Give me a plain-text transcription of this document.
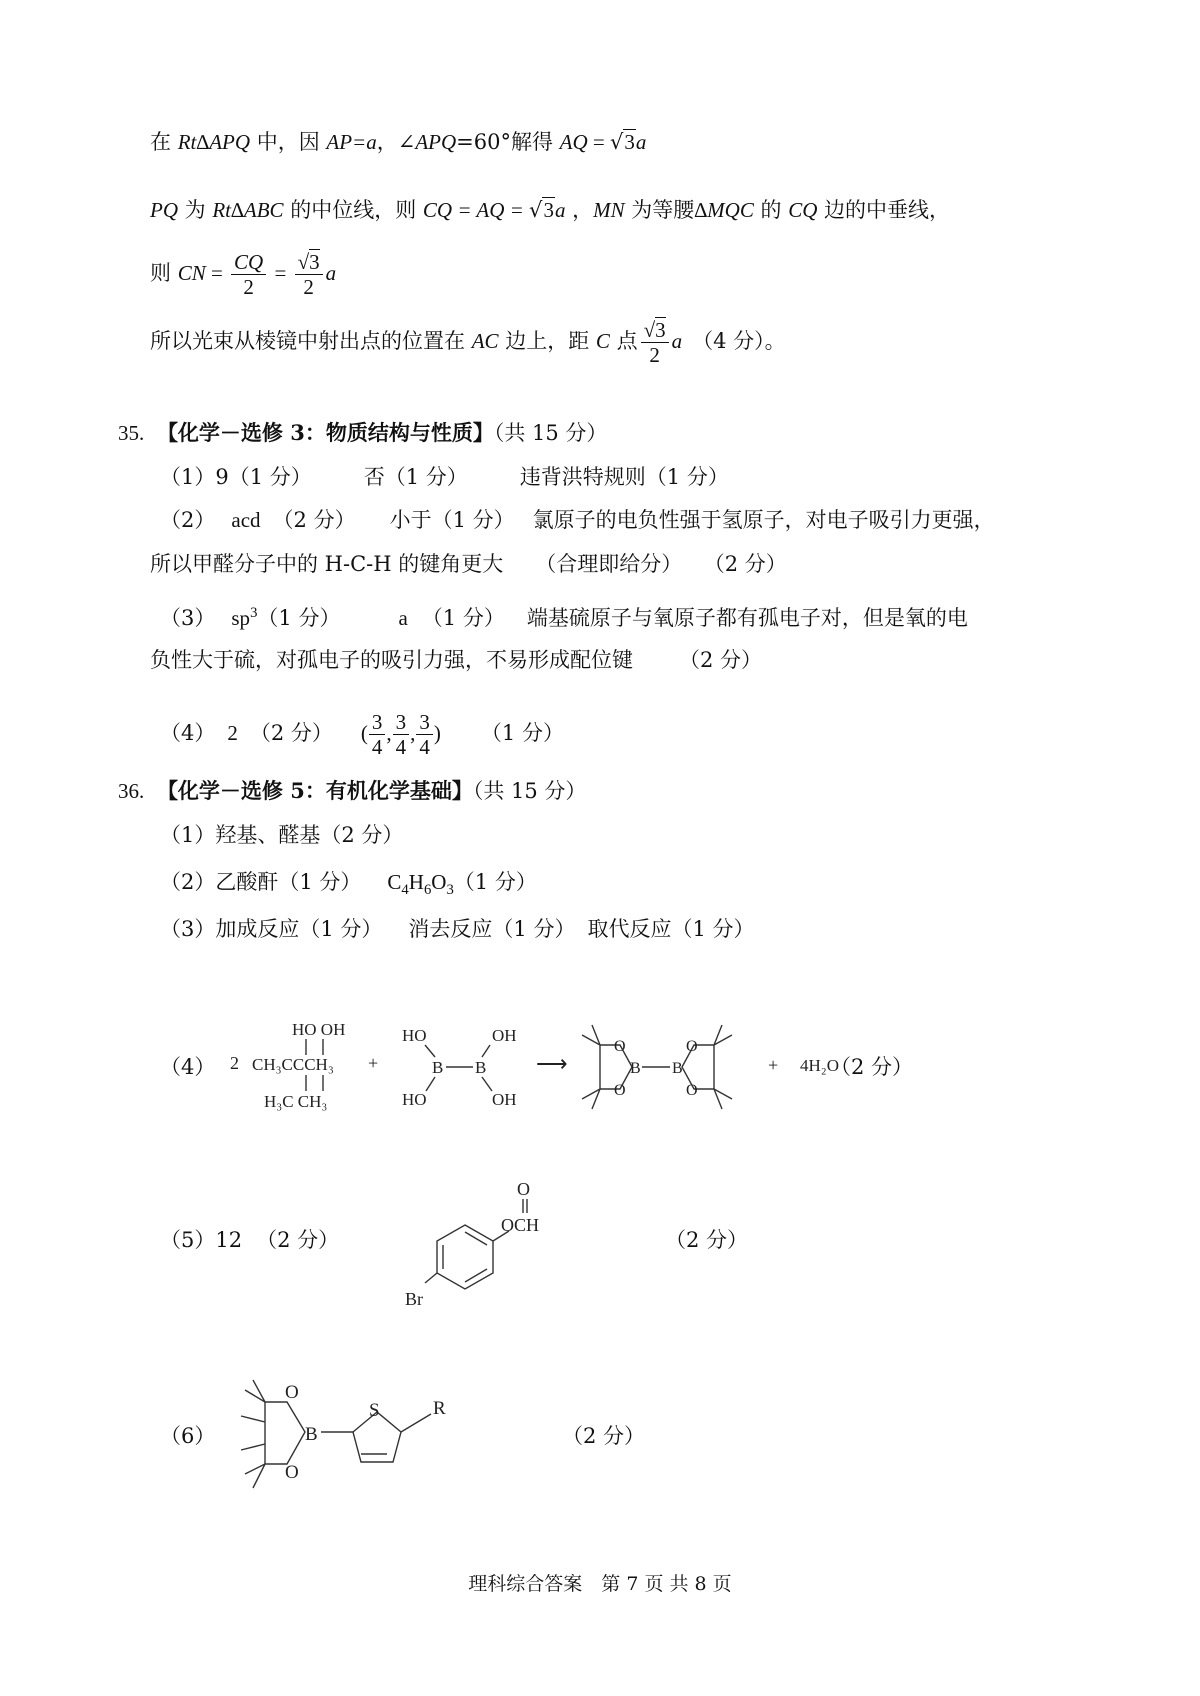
在 Rt∆APQ 中，因 AP=a，∠APQ=60°解得 AQ = √3a
PQ 为 Rt∆ABC 的中位线，则 CQ = AQ = √3a ，MN 为等腰∆MQC 的 CQ 边的中垂线，
则 CN = $\frac{CQ}{2} = \frac{√3}{2}$ a
所以光束从棱镜中射出点的位置在 AC 边上，距 C 点 $\frac{√3}{2}$ a （4 分）。
35. 【化学－选修 3：物质结构与性质】（共 15 分）
（1）9（1 分） 否（1 分） 违背洪特规则（1 分）
（2） acd （2 分） 小于（1 分） 氯原子的电负性强于氢原子，对电子吸引力更强，
所以甲醛分子中的 H-C-H 的键角更大 （合理即给分） （2 分）
（3） $sp^3(1$ 分）	a （1 分） 端基硫原子与氧原子都有孤电子对，但是氧的电
负性大于硫，对孤电子的吸引力强，不易形成配位键 （2 分）
（4） 2 （2 分） ( $\frac{3}{4}$ , $\frac{3}{4}$ , $\frac{3}{4}$ ) （1 分）
36. 【化学－选修 5：有机化学基础】（共 15 分）
（1）羟基、醛基（2 分）
（2）乙酸酐（1 分） $C_4H_6O_3(1$ 分）
（3）加成反应（1 分） 消去反应（1 分） 取代反应（1 分）
（4） 2
HO OH
CH₃CCCH₃
H₃C CH₃
+
HO	OH
B B
HO	OH
⟶
O
O
B B
O
O
+ 4H₂O
（2 分）
（5）12 （2 分）
O
OCH
Br
（2 分）
（6）
O
O
B
S	R
（2 分）
理科综合答案　第 7 页 共 8 页
